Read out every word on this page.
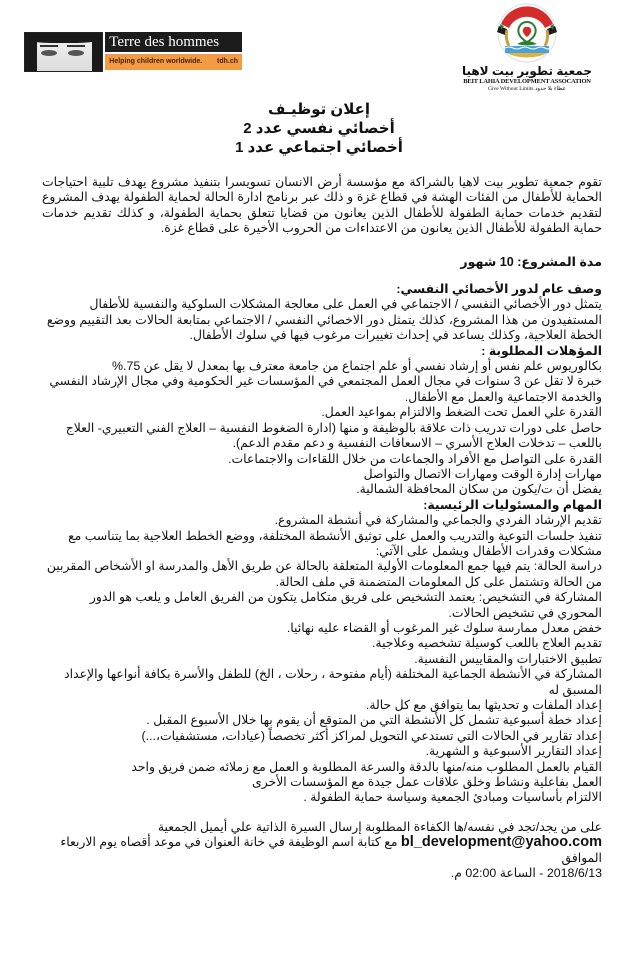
Terre des hommes
Helping children worldwide. tdh.ch
جمعية تطوير بيت لاهيا
BEIT LAHIA DEVELOPMENT ASSOCATION
Give Without Limits عطاء بلا حدود
إعلان توظيـف
أخصائي نفسي عدد 2
أخصائي اجتماعي عدد 1

تقوم جمعية تطوير بيت لاهيا بالشراكة مع مؤسسة أرض الانسان تسويسرا بتنفيذ مشروع يهدف تلبية احتياجات الحماية للأطفال من الفئات الهشة في قطاع غزة و ذلك عبر برنامج ادارة الحالة لحماية الطفولة يهدف المشروع لتقديم خدمات حماية الطفولة للأطفال الذين يعانون من قضايا تتعلق بحماية الطفولة، و كذلك تقديم خدمات حماية الطفولة للأطفال الذين يعانون من الاعتداءات من الحروب الأخيرة على قطاع غزة.

مدة المشروع: 10 شهور

وصف عام لدور الأخصائي النفسي:

يتمثل دور الأخصائي النفسي / الاجتماعي في العمل على معالجة المشكلات السلوكية والنفسية للأطفال المستفيدون من هذا المشروع، كذلك يتمثل دور الاخصائي النفسي / الاجتماعي بمتابعة الحالات بعد التقييم ووضع الخطة العلاجية، وكذلك يساعد في إحداث تغييرات مرغوب فيها في سلوك الأطفال.

المؤهلات المطلوبة :

بكالوريوس علم نفس أو إرشاد نفسي أو علم اجتماع من جامعة معترف بها بمعدل لا يقل عن 75.%

خبرة لا تقل عن 3 سنوات في مجال العمل المجتمعي في المؤسسات غير الحكومية وفي مجال الإرشاد النفسي والخدمة الاجتماعية والعمل مع الأطفال.

القدرة علي العمل تحت الضغط والالتزام بمواعيد العمل.

حاصل على دورات تدريب ذات علاقة بالوظيفة و منها (ادارة الضغوط النفسية – العلاج الفني التعبيري- العلاج باللعب – تدخلات العلاج الأسري – الاسعافات النفسية و دعم مقدم الدعم).

القدرة على التواصل مع الأفراد والجماعات من خلال اللقاءات والاجتماعات.

مهارات إدارة الوقت ومهارات الاتصال والتواصل

يفضل أن ت/يكون من سكان المحافظة الشمالية.

المهام والمسئوليات الرئيسية:

تقديم الإرشاد الفردي والجماعي والمشاركة في أنشطة المشروع.

تنفيذ جلسات التوعية والتدريب والعمل على توثيق الأنشطة المختلفة، ووضع الخطط العلاجية بما يتناسب مع مشكلات وقدرات الأطفال ويشمل على الآتي:

دراسة الحالة: يتم فيها جمع المعلومات الأولية المتعلقة بالحالة عن طريق الأهل والمدرسة او الأشخاص المقربين من الحالة وتشتمل على كل المعلومات المتضمنة قي ملف الحالة.

المشاركة في التشخيص: يعتمد التشخيص على فريق متكامل يتكون من الفريق العامل و يلعب هو الدور المحوري في تشخيص الحالات.

خفض معدل ممارسة سلوك غير المرغوب أو القضاء عليه نهائيا.

تقديم العلاج باللعب كوسيلة تشخصيه وعلاجية.

تطبيق الاختبارات والمقاييس النفسية.

المشاركة في الأنشطة الجماعية المختلفة (أيام مفتوحة ، رحلات ، الخ) للطفل والأسرة بكافة أنواعها والإعداد المسبق له

إعداد الملفات و تحديثها بما يتوافق مع كل حالة.

إعداد خطة أسبوعية تشمل كل الأنشطة التي من المتوقع أن يقوم بها خلال الأسبوع المقبل .

إعداد تقارير في الحالات التي تستدعي التحويل لمراكز أكثر تخصصاً (عيادات، مستشفيات،...)

إعداد التقارير الأسبوعية و الشهرية.

القيام بالعمل المطلوب منه/منها بالدقة والسرعة المطلوبة و العمل مع زملائه ضمن فريق واحد

العمل بفاعلية ونشاط وخلق علاقات عمل جيدة مع المؤسسات الأخرى

الالتزام بأساسيات ومبادئ الجمعية وسياسة حماية الطفولة .

على من يجد/تجد في نفسه/ها الكفاءة المطلوبة إرسال السيرة الذاتية علي أيميل الجمعية

bl_development@yahoo.com مع كتابة اسم الوظيفة في خانة العنوان في موعد أقصاه يوم الاربعاء الموافق

2018/6/13 - الساعة 02:00 م.
